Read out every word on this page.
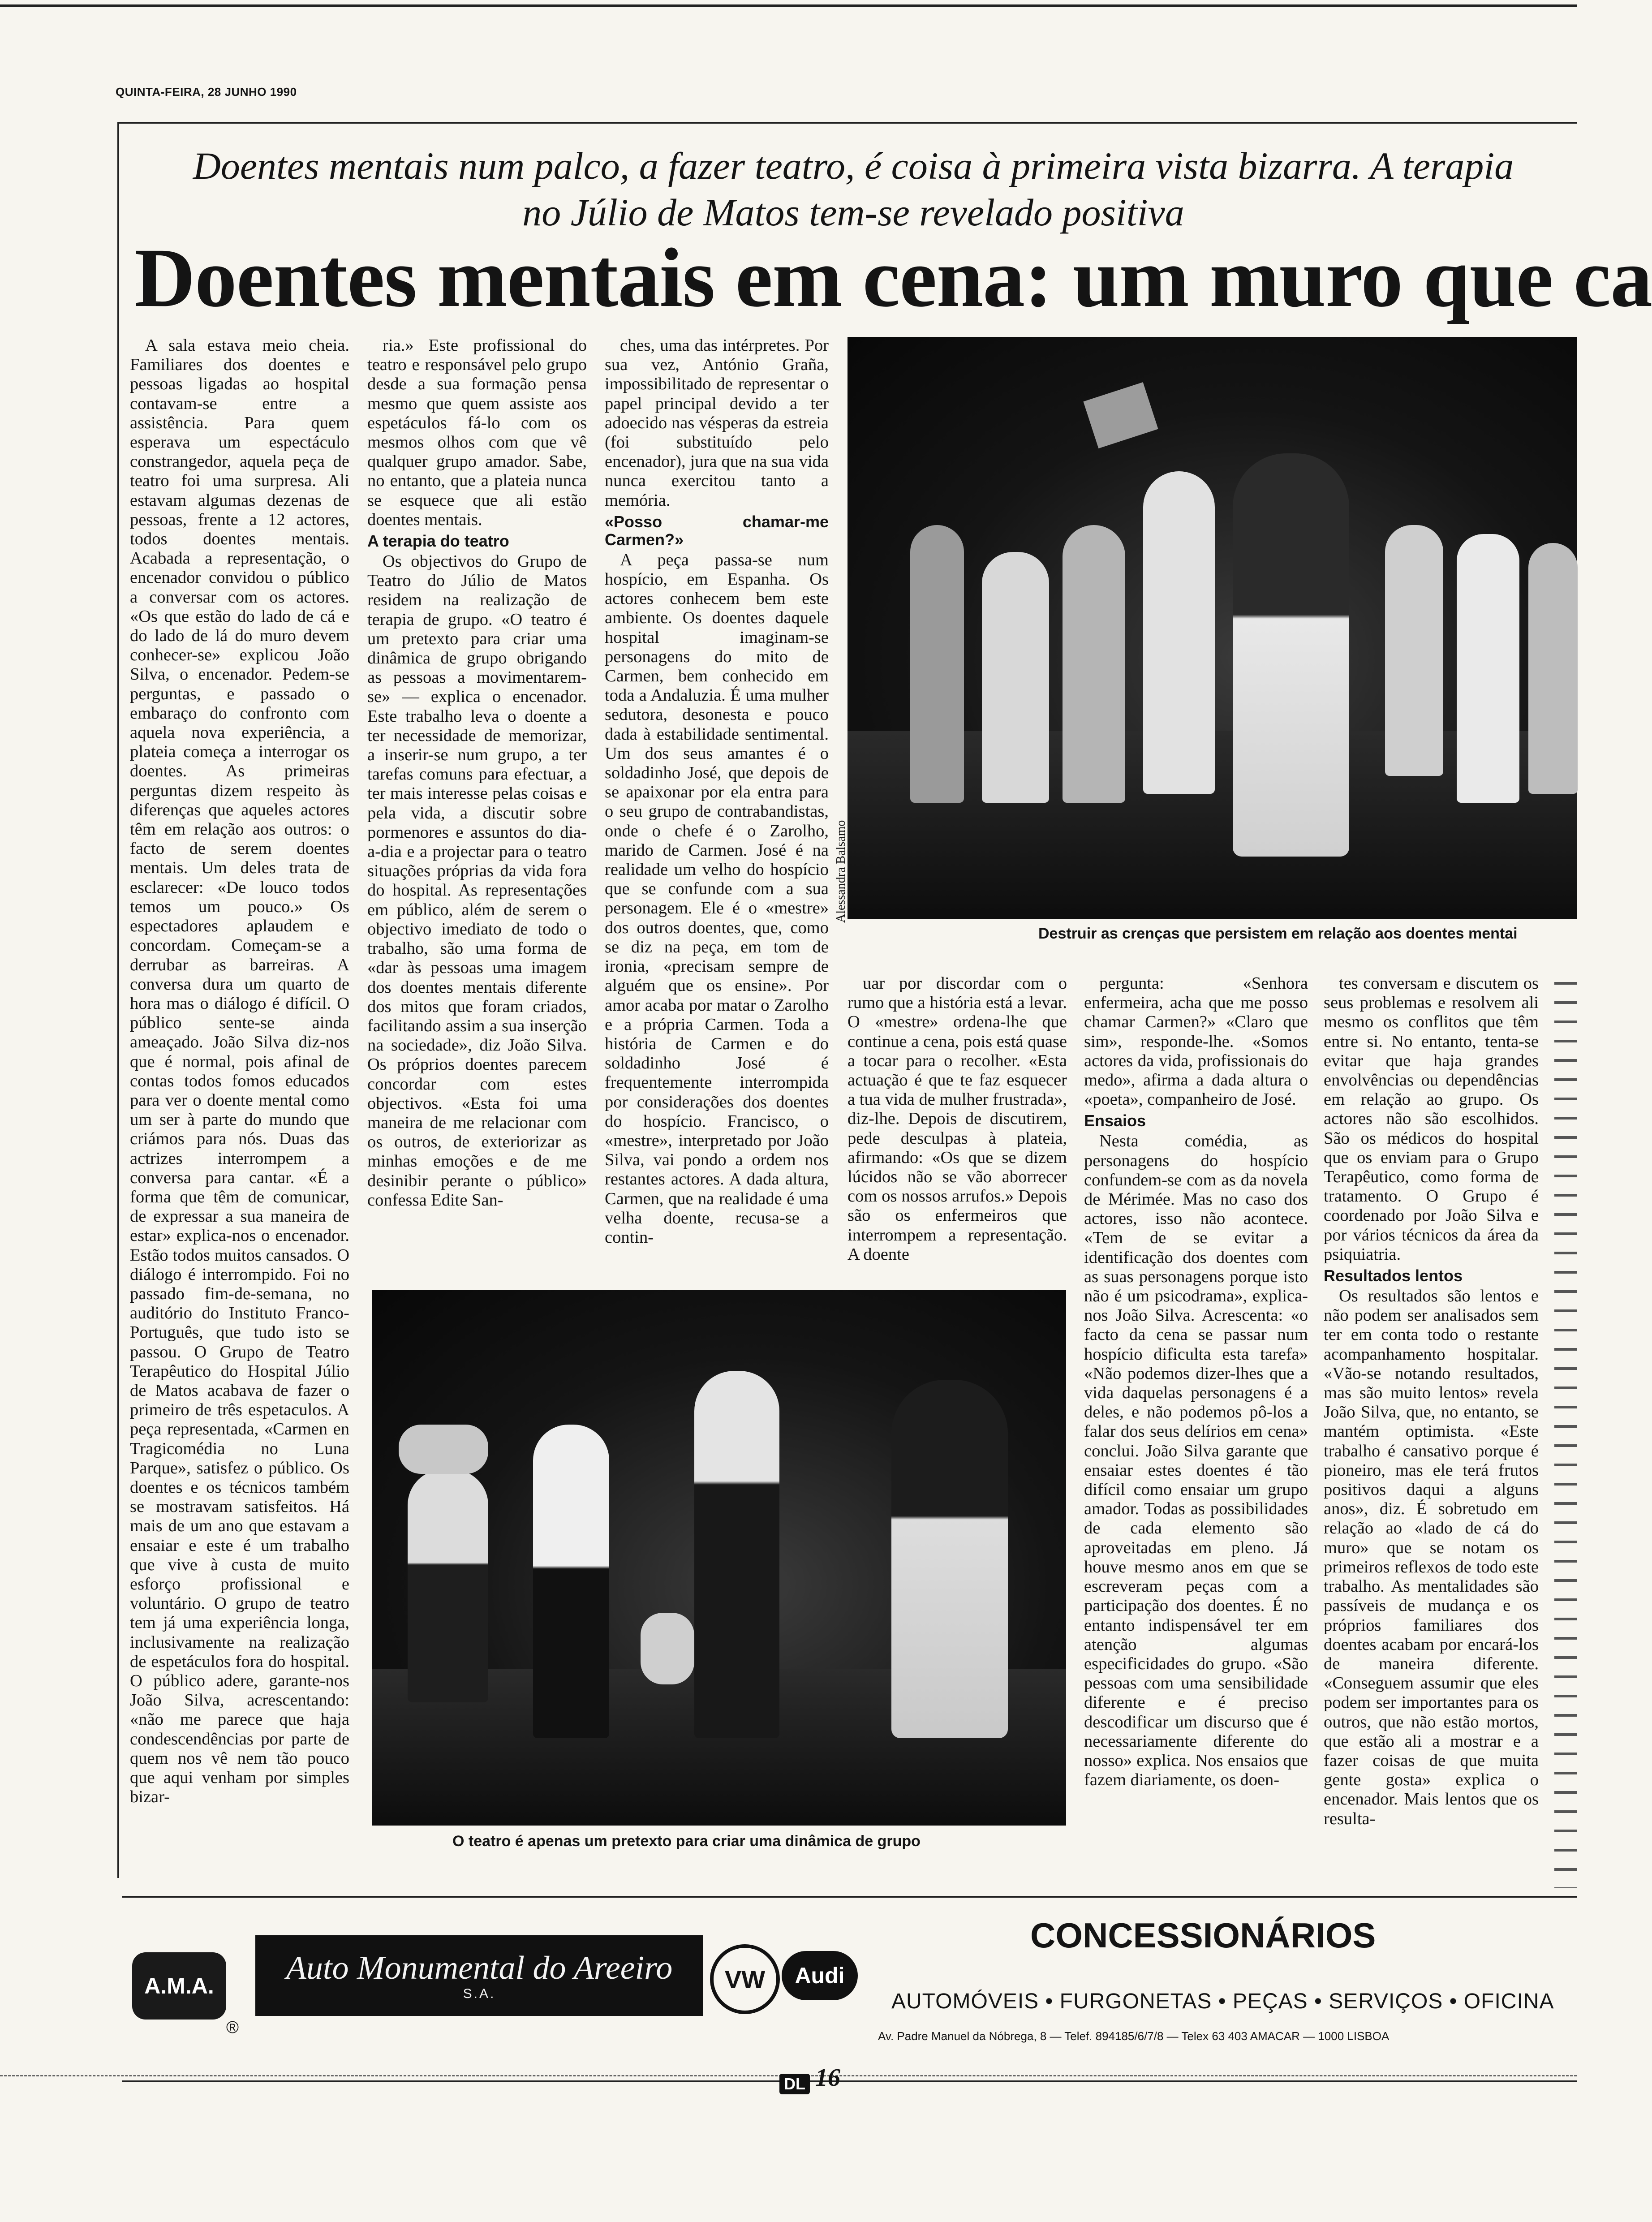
QUINTA-FEIRA, 28 JUNHO 1990
Doentes mentais num palco, a fazer teatro, é coisa à primeira vista bizarra. A terapia
no Júlio de Matos tem-se revelado positiva
Doentes mentais em cena: um muro que ca

A sala estava meio cheia. Familiares dos doentes e pessoas ligadas ao hospital contavam-se entre a assistência. Para quem esperava um espectáculo constrangedor, aquela peça de teatro foi uma surpresa. Ali estavam algumas dezenas de pessoas, frente a 12 actores, todos doentes mentais. Acabada a representação, o encenador convidou o público a conversar com os actores. «Os que estão do lado de cá e do lado de lá do muro devem conhecer-se» explicou João Silva, o encenador. Pedem-se perguntas, e passado o embaraço do confronto com aquela nova experiência, a plateia começa a interrogar os doentes. As primeiras perguntas dizem respeito às diferenças que aqueles actores têm em relação aos outros: o facto de serem doentes mentais. Um deles trata de esclarecer: «De louco todos temos um pouco.» Os espectadores aplaudem e concordam. Começam-se a derrubar as barreiras. A conversa dura um quarto de hora mas o diálogo é difícil. O público sente-se ainda ameaçado. João Silva diz-nos que é normal, pois afinal de contas todos fomos educados para ver o doente mental como um ser à parte do mundo que criámos para nós. Duas das actrizes interrompem a conversa para cantar. «É a forma que têm de comunicar, de expressar a sua maneira de estar» explica-nos o encenador. Estão todos muitos cansados. O diálogo é interrompido. Foi no passado fim-de-semana, no auditório do Instituto Franco-Português, que tudo isto se passou. O Grupo de Teatro Terapêutico do Hospital Júlio de Matos acabava de fazer o primeiro de três espetaculos. A peça representada, «Carmen en Tragicomédia no Luna Parque», satisfez o público. Os doentes e os técnicos também se mostravam satisfeitos. Há mais de um ano que estavam a ensaiar e este é um trabalho que vive à custa de muito esforço profissional e voluntário. O grupo de teatro tem já uma experiência longa, inclusivamente na realização de espetáculos fora do hospital. O público adere, garante-nos João Silva, acrescentando: «não me parece que haja condescendências por parte de quem nos vê nem tão pouco que aqui venham por simples bizar-

ria.» Este profissional do teatro e responsável pelo grupo desde a sua formação pensa mesmo que quem assiste aos espetáculos fá-lo com os mesmos olhos com que vê qualquer grupo amador. Sabe, no entanto, que a plateia nunca se esquece que ali estão doentes mentais.

A terapia do teatro

Os objectivos do Grupo de Teatro do Júlio de Matos residem na realização de terapia de grupo. «O teatro é um pretexto para criar uma dinâmica de grupo obrigando as pessoas a movimentarem-se» — explica o encenador. Este trabalho leva o doente a ter necessidade de memorizar, a inserir-se num grupo, a ter tarefas comuns para efectuar, a ter mais interesse pelas coisas e pela vida, a discutir sobre pormenores e assuntos do dia-a-dia e a projectar para o teatro situações próprias da vida fora do hospital. As representações em público, além de serem o objectivo imediato de todo o trabalho, são uma forma de «dar às pessoas uma imagem dos doentes mentais diferente dos mitos que foram criados, facilitando assim a sua inserção na sociedade», diz João Silva. Os próprios doentes parecem concordar com estes objectivos. «Esta foi uma maneira de me relacionar com os outros, de exteriorizar as minhas emoções e de me desinibir perante o público» confessa Edite San-

ches, uma das intérpretes. Por sua vez, António Graña, impossibilitado de representar o papel principal devido a ter adoecido nas vésperas da estreia (foi substituído pelo encenador), jura que na sua vida nunca exercitou tanto a memória.

«Posso chamar-me Carmen?»

A peça passa-se num hospício, em Espanha. Os actores conhecem bem este ambiente. Os doentes daquele hospital imaginam-se personagens do mito de Carmen, bem conhecido em toda a Andaluzia. É uma mulher sedutora, desonesta e pouco dada à estabilidade sentimental. Um dos seus amantes é o soldadinho José, que depois de se apaixonar por ela entra para o seu grupo de contrabandistas, onde o chefe é o Zarolho, marido de Carmen. José é na realidade um velho do hospício que se confunde com a sua personagem. Ele é o «mestre» dos outros doentes, que, como se diz na peça, em tom de ironia, «precisam sempre de alguém que os ensine». Por amor acaba por matar o Zarolho e a própria Carmen. Toda a história de Carmen e do soldadinho José é frequentemente interrompida por considerações dos doentes do hospício. Francisco, o «mestre», interpretado por João Silva, vai pondo a ordem nos restantes actores. A dada altura, Carmen, que na realidade é uma velha doente, recusa-se a contin-

Alessandra Balsamo
Destruir as crenças que persistem em relação aos doentes mentai

uar por discordar com o rumo que a história está a levar. O «mestre» ordena-lhe que continue a cena, pois está quase a tocar para o recolher. «Esta actuação é que te faz esquecer a tua vida de mulher frustrada», diz-lhe. Depois de discutirem, pede desculpas à plateia, afirmando: «Os que se dizem lúcidos não se vão aborrecer com os nossos arrufos.» Depois são os enfermeiros que interrompem a representação. A doente

O teatro é apenas um pretexto para criar uma dinâmica de grupo

pergunta: «Senhora enfermeira, acha que me posso chamar Carmen?» «Claro que sim», responde-lhe. «Somos actores da vida, profissionais do medo», afirma a dada altura o «poeta», companheiro de José.

Ensaios

Nesta comédia, as personagens do hospício confundem-se com as da novela de Mérimée. Mas no caso dos actores, isso não acontece. «Tem de se evitar a identificação dos doentes com as suas personagens porque isto não é um psicodrama», explica-nos João Silva. Acrescenta: «o facto da cena se passar num hospício dificulta esta tarefa» «Não podemos dizer-lhes que a vida daquelas personagens é a deles, e não podemos pô-los a falar dos seus delírios em cena» conclui. João Silva garante que ensaiar estes doentes é tão difícil como ensaiar um grupo amador. Todas as possibilidades de cada elemento são aproveitadas em pleno. Já houve mesmo anos em que se escreveram peças com a participação dos doentes. É no entanto indispensável ter em atenção algumas especificidades do grupo. «São pessoas com uma sensibilidade diferente e é preciso descodificar um discurso que é necessariamente diferente do nosso» explica. Nos ensaios que fazem diariamente, os doen-

tes conversam e discutem os seus problemas e resolvem ali mesmo os conflitos que têm entre si. No entanto, tenta-se evitar que haja grandes envolvências ou dependências em relação ao grupo. Os actores não são escolhidos. São os médicos do hospital que os enviam para o Grupo Terapêutico, como forma de tratamento. O Grupo é coordenado por João Silva e por vários técnicos da área da psiquiatria.

Resultados lentos

Os resultados são lentos e não podem ser analisados sem ter em conta todo o restante acompanhamento hospitalar. «Vão-se notando resultados, mas são muito lentos» revela João Silva, que, no entanto, se mantém optimista. «Este trabalho é cansativo porque é pioneiro, mas ele terá frutos positivos daqui a alguns anos», diz. É sobretudo em relação ao «lado de cá do muro» que se notam os primeiros reflexos de todo este trabalho. As mentalidades são passíveis de mudança e os próprios familiares dos doentes acabam por encará-los de maneira diferente. «Conseguem assumir que eles podem ser importantes para os outros, que não estão mortos, que estão ali a mostrar e a fazer coisas de que muita gente gosta» explica o encenador. Mais lentos que os resulta-

A.M.A.
®
Auto Monumental do Areeiro
S.A.
VW Audi
CONCESSIONÁRIOS
AUTOMÓVEIS • FURGONETAS • PEÇAS • SERVIÇOS • OFICINA
Av. Padre Manuel da Nóbrega, 8 — Telef. 894185/6/7/8 — Telex 63 403 AMACAR — 1000 LISBOA
DL 16
